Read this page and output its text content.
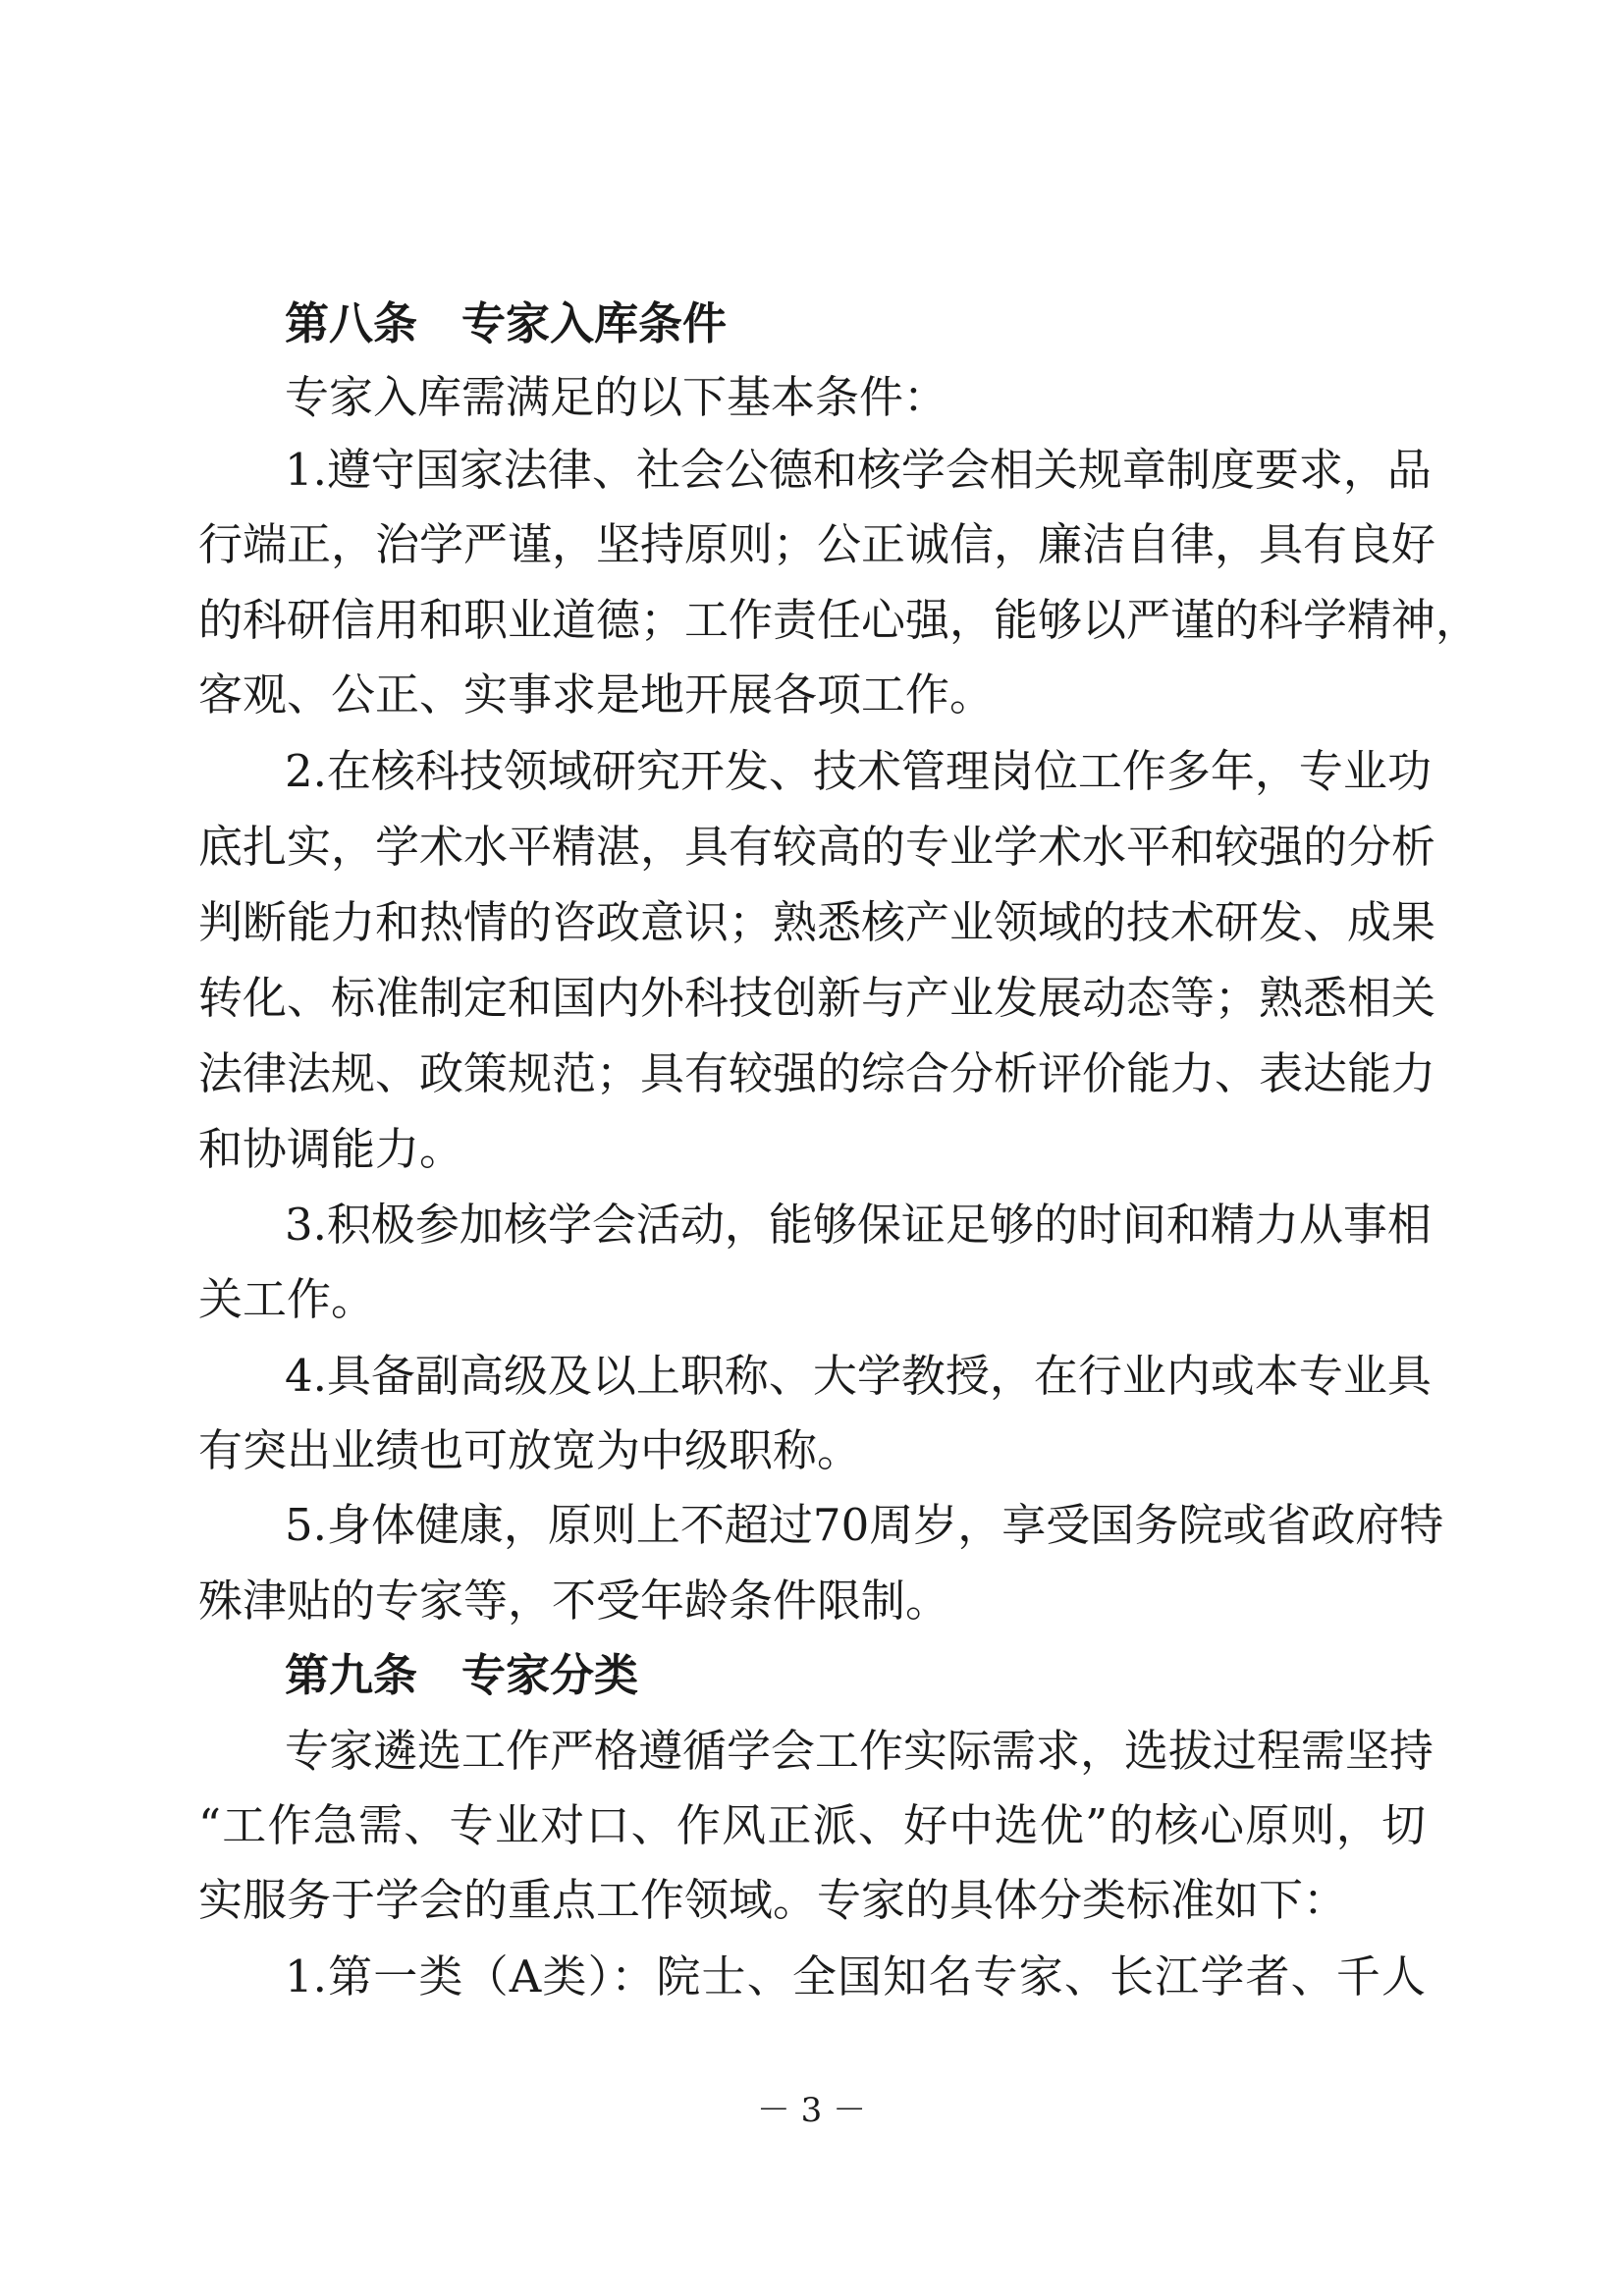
第八条　专家入库条件
专家入库需满足的以下基本条件：
1.遵守国家法律、社会公德和核学会相关规章制度要求，品
行端正，治学严谨，坚持原则；公正诚信，廉洁自律，具有良好
的科研信用和职业道德；工作责任心强，能够以严谨的科学精神，
客观、公正、实事求是地开展各项工作。
2.在核科技领域研究开发、技术管理岗位工作多年，专业功
底扎实，学术水平精湛，具有较高的专业学术水平和较强的分析
判断能力和热情的咨政意识；熟悉核产业领域的技术研发、成果
转化、标准制定和国内外科技创新与产业发展动态等；熟悉相关
法律法规、政策规范；具有较强的综合分析评价能力、表达能力
和协调能力。
3.积极参加核学会活动，能够保证足够的时间和精力从事相
关工作。
4.具备副高级及以上职称、大学教授，在行业内或本专业具
有突出业绩也可放宽为中级职称。
5.身体健康，原则上不超过70周岁，享受国务院或省政府特
殊津贴的专家等，不受年龄条件限制。
第九条　专家分类
专家遴选工作严格遵循学会工作实际需求，选拔过程需坚持
“工作急需、专业对口、作风正派、好中选优”的核心原则，切
实服务于学会的重点工作领域。专家的具体分类标准如下：
1.第一类（A类）：院士、全国知名专家、长江学者、千人
－ 3 －
